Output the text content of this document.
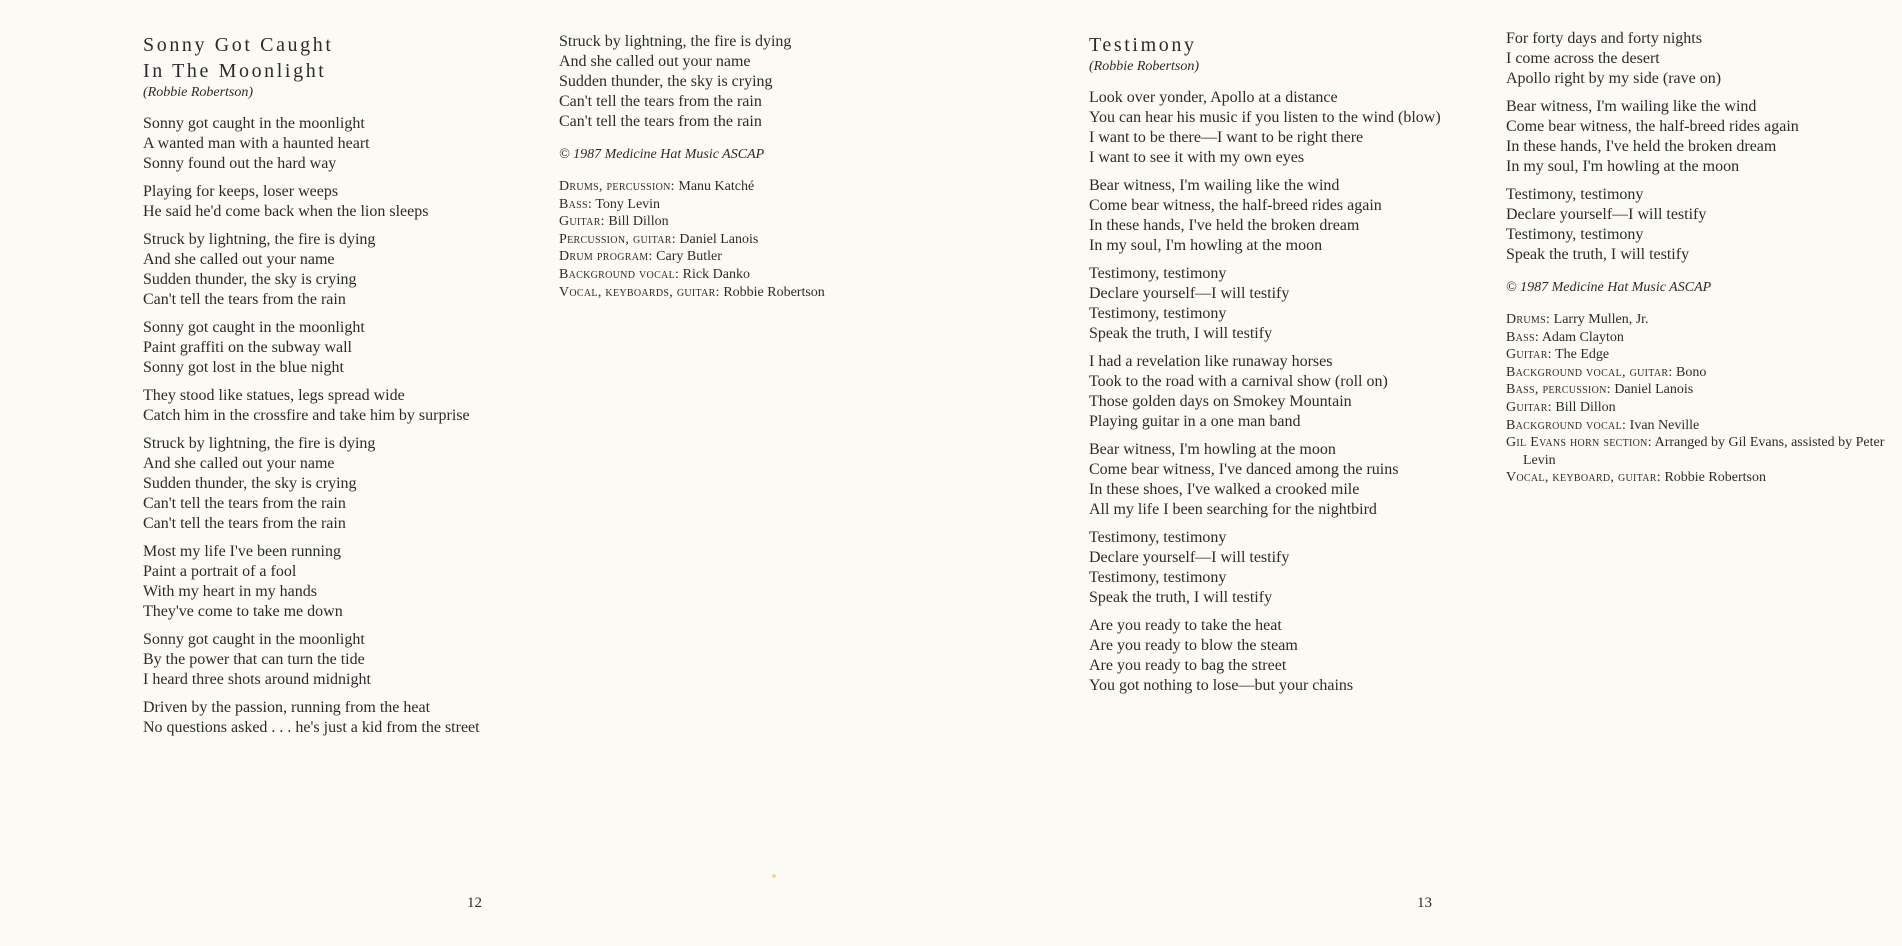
Sonny Got Caught
In The Moonlight
(Robbie Robertson)
Sonny got caught in the moonlight
A wanted man with a haunted heart
Sonny found out the hard way
Playing for keeps, loser weeps
He said he'd come back when the lion sleeps
Struck by lightning, the fire is dying
And she called out your name
Sudden thunder, the sky is crying
Can't tell the tears from the rain
Sonny got caught in the moonlight
Paint graffiti on the subway wall
Sonny got lost in the blue night
They stood like statues, legs spread wide
Catch him in the crossfire and take him by surprise
Struck by lightning, the fire is dying
And she called out your name
Sudden thunder, the sky is crying
Can't tell the tears from the rain
Can't tell the tears from the rain
Most my life I've been running
Paint a portrait of a fool
With my heart in my hands
They've come to take me down
Sonny got caught in the moonlight
By the power that can turn the tide
I heard three shots around midnight
Driven by the passion, running from the heat
No questions asked . . . he's just a kid from the street
Struck by lightning, the fire is dying
And she called out your name
Sudden thunder, the sky is crying
Can't tell the tears from the rain
Can't tell the tears from the rain
© 1987 Medicine Hat Music ASCAP
Drums, percussion: Manu Katché
Bass: Tony Levin
Guitar: Bill Dillon
Percussion, guitar: Daniel Lanois
Drum program: Cary Butler
Background vocal: Rick Danko
Vocal, keyboards, guitar: Robbie Robertson
12
Testimony
(Robbie Robertson)
Look over yonder, Apollo at a distance
You can hear his music if you listen to the wind (blow)
I want to be there—I want to be right there
I want to see it with my own eyes
Bear witness, I'm wailing like the wind
Come bear witness, the half-breed rides again
In these hands, I've held the broken dream
In my soul, I'm howling at the moon
Testimony, testimony
Declare yourself—I will testify
Testimony, testimony
Speak the truth, I will testify
I had a revelation like runaway horses
Took to the road with a carnival show (roll on)
Those golden days on Smokey Mountain
Playing guitar in a one man band
Bear witness, I'm howling at the moon
Come bear witness, I've danced among the ruins
In these shoes, I've walked a crooked mile
All my life I been searching for the nightbird
Testimony, testimony
Declare yourself—I will testify
Testimony, testimony
Speak the truth, I will testify
Are you ready to take the heat
Are you ready to blow the steam
Are you ready to bag the street
You got nothing to lose—but your chains
For forty days and forty nights
I come across the desert
Apollo right by my side (rave on)
Bear witness, I'm wailing like the wind
Come bear witness, the half-breed rides again
In these hands, I've held the broken dream
In my soul, I'm howling at the moon
Testimony, testimony
Declare yourself—I will testify
Testimony, testimony
Speak the truth, I will testify
© 1987 Medicine Hat Music ASCAP
Drums: Larry Mullen, Jr.
Bass: Adam Clayton
Guitar: The Edge
Background vocal, guitar: Bono
Bass, percussion: Daniel Lanois
Guitar: Bill Dillon
Background vocal: Ivan Neville
Gil Evans horn section: Arranged by Gil Evans, assisted by Peter Levin
Vocal, keyboard, guitar: Robbie Robertson
13
